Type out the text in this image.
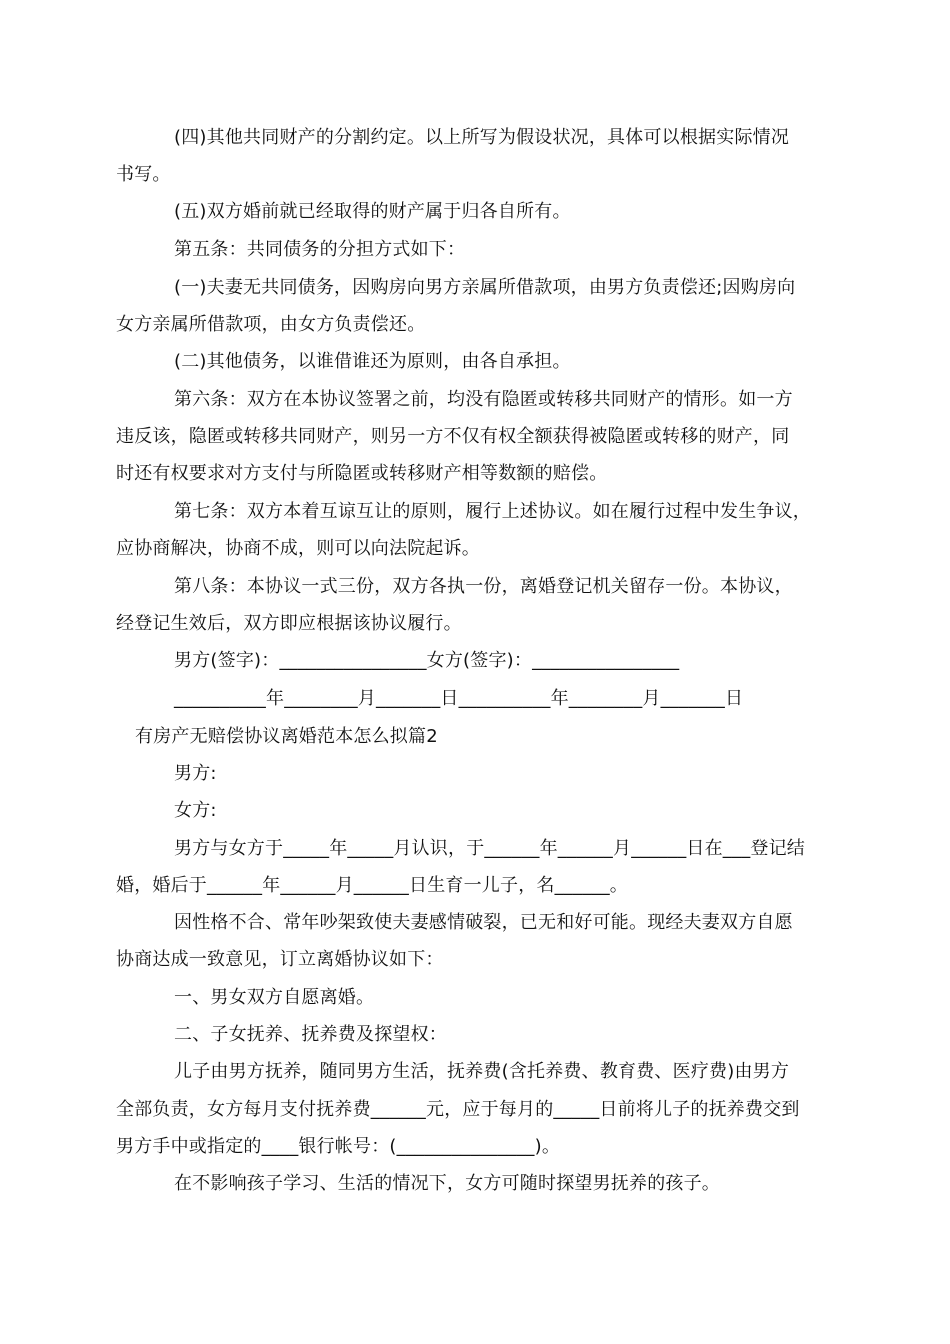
(四)其他共同财产的分割约定。以上所写为假设状况，具体可以根据实际情况
书写。
(五)双方婚前就已经取得的财产属于归各自所有。
第五条：共同债务的分担方式如下：
(一)夫妻无共同债务，因购房向男方亲属所借款项，由男方负责偿还;因购房向
女方亲属所借款项，由女方负责偿还。
(二)其他债务，以谁借谁还为原则，由各自承担。
第六条：双方在本协议签署之前，均没有隐匿或转移共同财产的情形。如一方
违反该，隐匿或转移共同财产，则另一方不仅有权全额获得被隐匿或转移的财产，同
时还有权要求对方支付与所隐匿或转移财产相等数额的赔偿。
第七条：双方本着互谅互让的原则，履行上述协议。如在履行过程中发生争议，
应协商解决，协商不成，则可以向法院起诉。
第八条：本协议一式三份，双方各执一份，离婚登记机关留存一份。本协议，
经登记生效后，双方即应根据该协议履行。
男方(签字)：________________女方(签字)：________________
__________年________月_______日__________年________月_______日
有房产无赔偿协议离婚范本怎么拟篇2
男方:
女方:
男方与女方于_____年_____月认识，于______年______月______日在___登记结
婚，婚后于______年______月______日生育一儿子，名______。
因性格不合、常年吵架致使夫妻感情破裂，已无和好可能。现经夫妻双方自愿
协商达成一致意见，订立离婚协议如下：
一、男女双方自愿离婚。
二、子女抚养、抚养费及探望权：
儿子由男方抚养，随同男方生活，抚养费(含托养费、教育费、医疗费)由男方
全部负责，女方每月支付抚养费______元，应于每月的_____日前将儿子的抚养费交到
男方手中或指定的____银行帐号：(_______________)。
在不影响孩子学习、生活的情况下，女方可随时探望男抚养的孩子。
